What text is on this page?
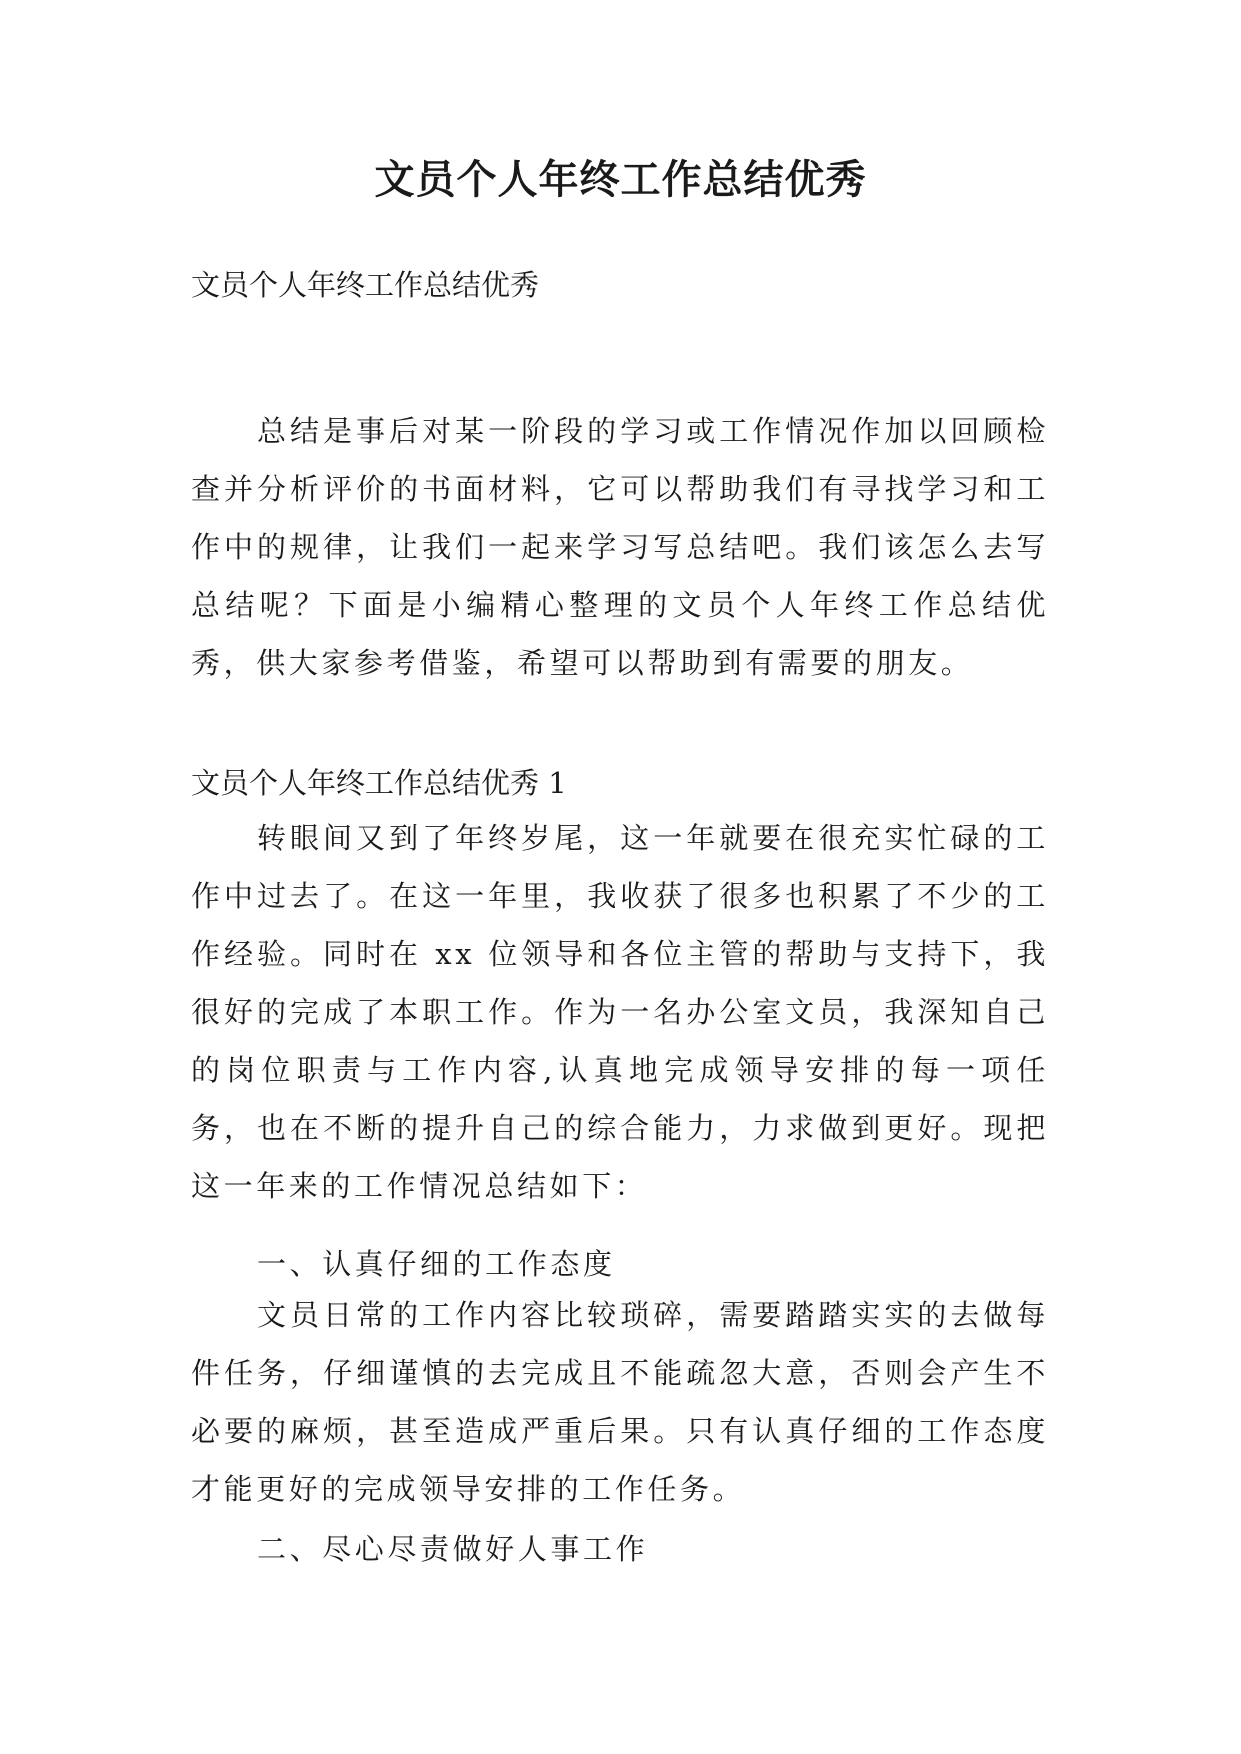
文员个人年终工作总结优秀
文员个人年终工作总结优秀
总结是事后对某一阶段的学习或工作情况作加以回顾检查并分析评价的书面材料，它可以帮助我们有寻找学习和工作中的规律，让我们一起来学习写总结吧。我们该怎么去写总结呢？下面是小编精心整理的文员个人年终工作总结优秀，供大家参考借鉴，希望可以帮助到有需要的朋友。
文员个人年终工作总结优秀 1
转眼间又到了年终岁尾，这一年就要在很充实忙碌的工作中过去了。在这一年里，我收获了很多也积累了不少的工作经验。同时在 xx 位领导和各位主管的帮助与支持下，我很好的完成了本职工作。作为一名办公室文员，我深知自己的岗位职责与工作内容,认真地完成领导安排的每一项任务，也在不断的提升自己的综合能力，力求做到更好。现把这一年来的工作情况总结如下：
一、认真仔细的工作态度
文员日常的工作内容比较琐碎，需要踏踏实实的去做每件任务，仔细谨慎的去完成且不能疏忽大意，否则会产生不必要的麻烦，甚至造成严重后果。只有认真仔细的工作态度才能更好的完成领导安排的工作任务。
二、尽心尽责做好人事工作
